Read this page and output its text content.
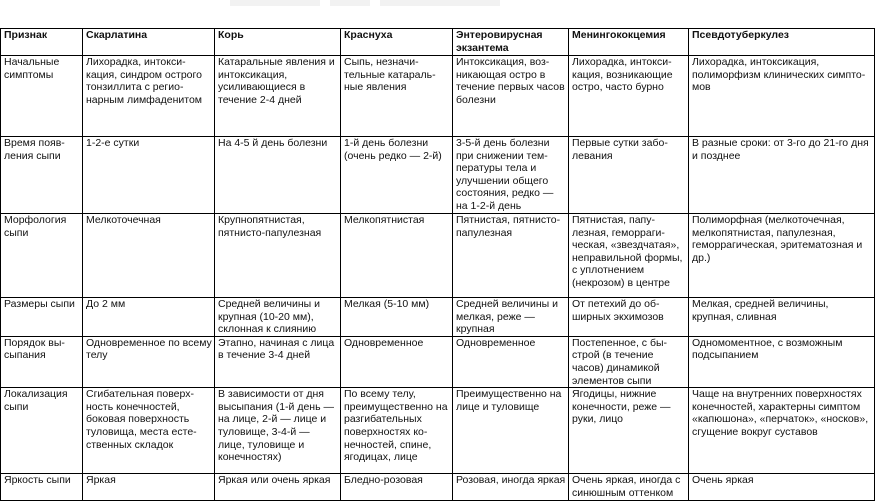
Признак	Скарлатина	Корь	Краснуха	Энтеровирусная экзантема	Менингококцемия	Псевдотуберкулез
Начальные симптомы	Лихорадка, интоксикация, синдром острого тонзиллита с регионарным лимфаденитом	Катаральные явления и интоксикация, усиливающиеся в течение 2-4 дней	Сыпь, незначительные катаральные явления	Интоксикация, возникающая остро в течение первых часов болезни	Лихорадка, интоксикация, возникающие остро, часто бурно	Лихорадка, интоксикация, полиморфизм клинических симптомов
Время появления сыпи	1-2-е сутки	На 4-5 й день болезни	1-й день болезни (очень редко — 2-й)	3-5-й день болезни при снижении температуры тела и улучшении общего состояния, редко — на 1-2-й день	Первые сутки заболевания	В разные сроки: от 3-го до 21-го дня и позднее
Морфология сыпи	Мелкоточечная	Крупнопятнистая, пятнисто-папулезная	Мелкопятнистая	Пятнистая, пятнисто-папулезная	Пятнистая, папулезная, геморрагическая, «звездчатая», неправильной формы, с уплотнением (некрозом) в центре	Полиморфная (мелкоточечная, мелкопятнистая, папулезная, геморрагическая, эритематозная и др.)
Размеры сыпи	До 2 мм	Средней величины и крупная (10-20 мм), склонная к слиянию	Мелкая (5-10 мм)	Средней величины и мелкая, реже — крупная	От петехий до обширных экхимозов	Мелкая, средней величины, крупная, сливная
Порядок высыпания	Одновременное по всему телу	Этапно, начиная с лица в течение 3-4 дней	Одновременное	Одновременное	Постепенное, с быстрой (в течение часов) динамикой элементов сыпи	Одномоментное, с возможным подсыпанием
Локализация сыпи	Сгибательная поверхность конечностей, боковая поверхность туловища, места естественных складок	В зависимости от дня высыпания (1-й день — на лице, 2-й — лице и туловище, 3-4-й — лице, туловище и конечностях)	По всему телу, преимущественно на разгибательных поверхностях конечностей, спине, ягодицах, лице	Преимущественно на лице и туловище	Ягодицы, нижние конечности, реже — руки, лицо	Чаще на внутренних поверхностях конечностей, характерны симптом «капюшона», «перчаток», «носков», сгущение вокруг суставов
Яркость сыпи	Яркая	Яркая или очень яркая	Бледно-розовая	Розовая, иногда яркая	Очень яркая, иногда с синюшным оттенком	Очень яркая
